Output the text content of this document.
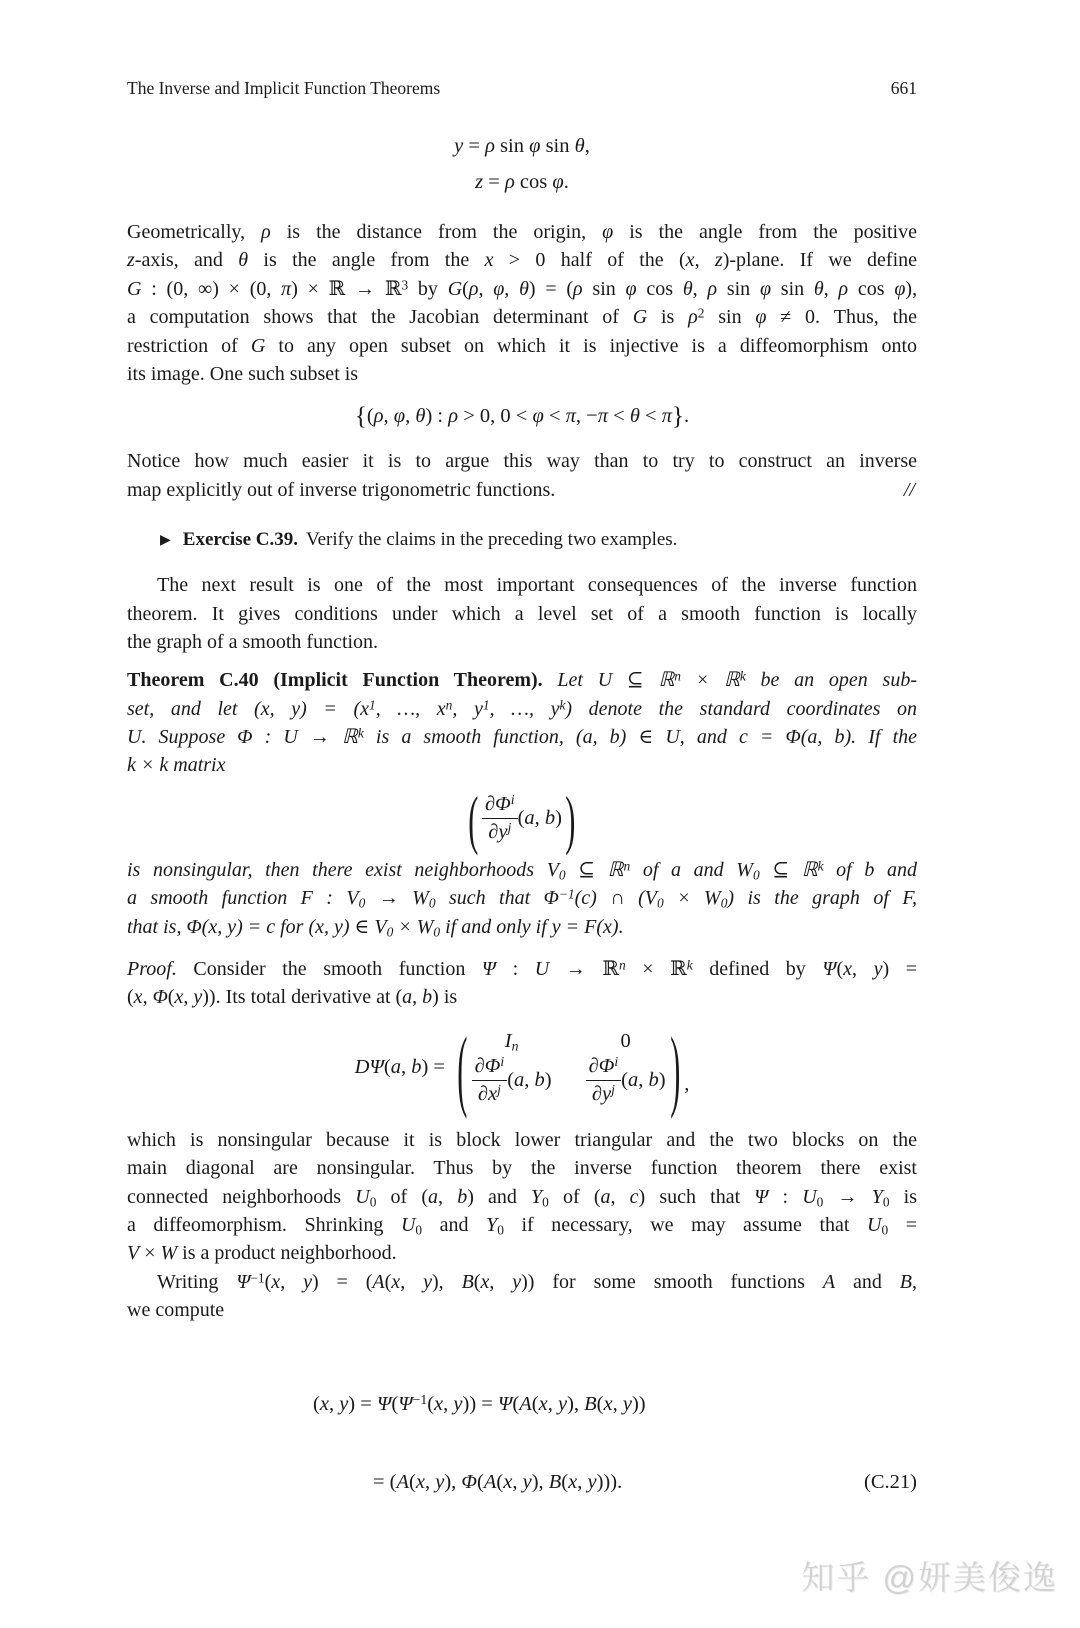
The Inverse and Implicit Function Theorems	661
y = ρ sin φ sin θ,
z = ρ cos φ.
Geometrically, ρ is the distance from the origin, φ is the angle from the positive
z-axis, and θ is the angle from the x > 0 half of the (x, z)-plane. If we define
G : (0, ∞) × (0, π) × ℝ → ℝ$^3$ by G(ρ, φ, θ) = (ρ sin φ cos θ, ρ sin φ sin θ, ρ cos φ),
a computation shows that the Jacobian determinant of G is $\rho^2$ sin φ ≠ 0. Thus, the
restriction of G to any open subset on which it is injective is a diffeomorphism onto
its image. One such subset is
{(ρ, φ, θ) : ρ > 0, 0 < φ < π, −π < θ < π}.
Notice how much easier it is to argue this way than to try to construct an inverse
map explicitly out of inverse trigonometric functions.	//
▶ Exercise C.39. Verify the claims in the preceding two examples.
  The next result is one of the most important consequences of the inverse function
theorem. It gives conditions under which a level set of a smooth function is locally
the graph of a smooth function.
Theorem C.40 (Implicit Function Theorem). Let U ⊆ ℝ$^n$ × ℝ$^k$ be an open sub-
set, and let (x, $y) = (x^1$, …, $x^n$, $y^1$, …, $y^k$) denote the standard coordinates on
U. Suppose Φ : U → ℝ$^k$ is a smooth function, (a, b) ∈ U, and c = Φ(a, b). If the
k × k matrix
( $\frac{\partial\Phi^i}{\partial y^j} (a$, b) )
is nonsingular, then there exist neighborhoods $V_0$ ⊆ ℝ$^n$ of a and $W_0$ ⊆ ℝ$^k$ of b and
a smooth function F : $V_0 \to W_0$ such that $\Phi^{-1}(c)$ ∩ $(V_0 \times W_0)$ is the graph of F,
that is, Φ(x, y) = c for (x, y) ∈ $V_0 \times W_0$ if and only if y = F(x).
Proof. Consider the smooth function Ψ : U → ℝ$^n$ × ℝ$^k$ defined by Ψ(x, y) =
(x, Φ(x, y)). Its total derivative at (a, b) is
DΨ(a, b) = ( $I_n$	0
$\frac{\partial\Phi^i}{\partial x^j} (a$, $b) \frac{\partial\Phi^i}{\partial y^j} (a$, b) ) ,
which is nonsingular because it is block lower triangular and the two blocks on the
main diagonal are nonsingular. Thus by the inverse function theorem there exist
connected neighborhoods $U_0$ of (a, b) and $Y_0$ of (a, c) such that Ψ : $U_0 \to Y_0$ is
a diffeomorphism. Shrinking $U_0$ and $Y_0$ if necessary, we may assume that $U_0$ =
V × W is a product neighborhood.
  Writing $\Psi^{-1}(x$, y) = (A(x, y), B(x, y)) for some smooth functions A and B,
we compute
(x, $y) = \Psi(\Psi^{-1}(x$, y)) = Ψ(A(x, y), B(x, y))
= (A(x, y), Φ(A(x, y), B(x, y))).	(C.21)
知乎 @妍美俊逸
